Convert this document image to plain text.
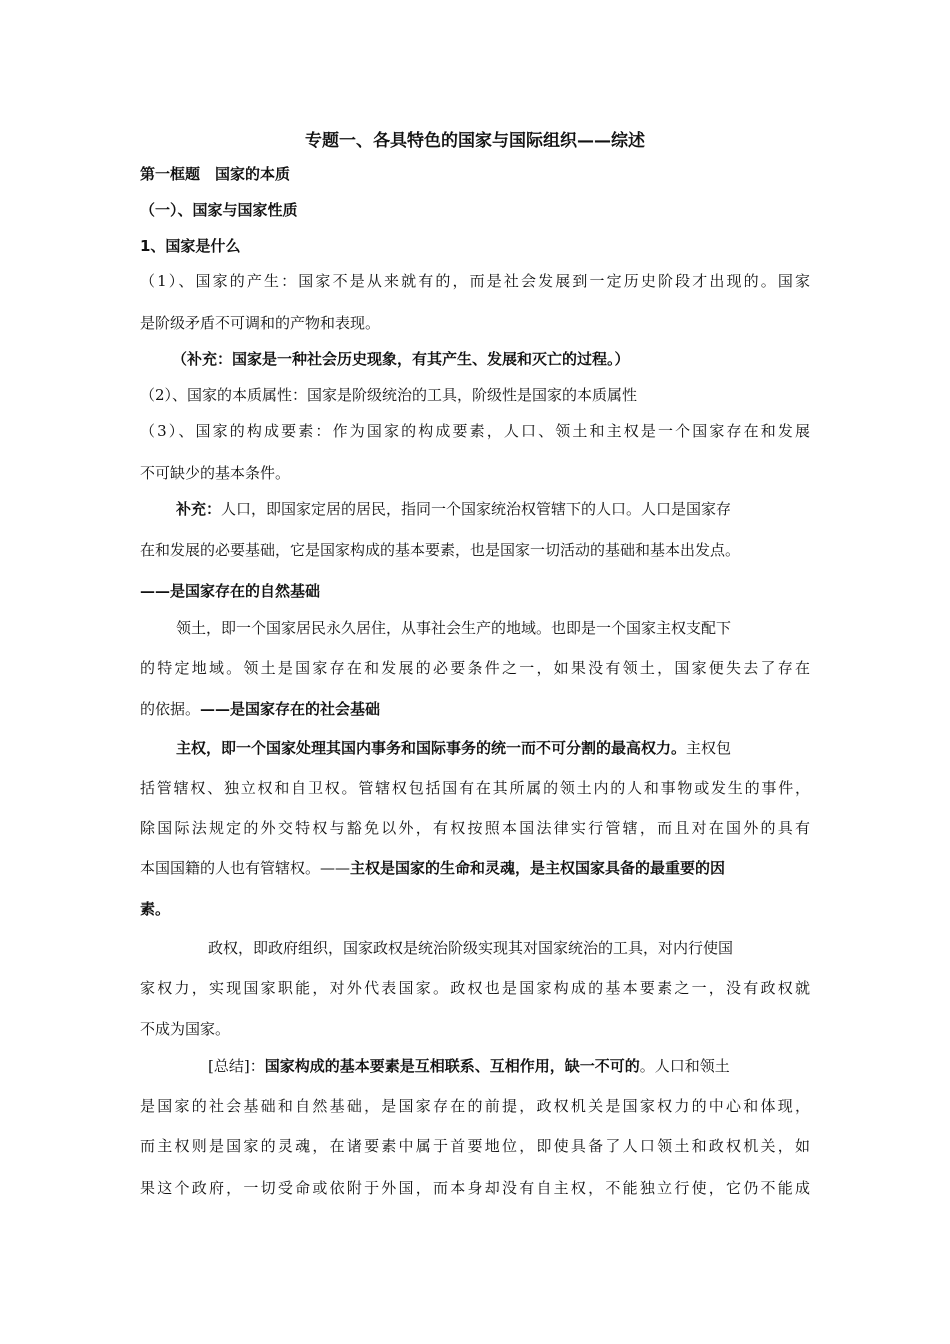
专题一、各具特色的国家与国际组织——综述
第一框题　国家的本质
（一）、国家与国家性质
1、国家是什么
（1）、国家的产生：国家不是从来就有的，而是社会发展到一定历史阶段才出现的。国家
是阶级矛盾不可调和的产物和表现。
（补充：国家是一种社会历史现象，有其产生、发展和灭亡的过程。）
（2）、国家的本质属性：国家是阶级统治的工具，阶级性是国家的本质属性
（3）、国家的构成要素：作为国家的构成要素，人口、领土和主权是一个国家存在和发展
不可缺少的基本条件。
补充：人口，即国家定居的居民，指同一个国家统治权管辖下的人口。人口是国家存
在和发展的必要基础，它是国家构成的基本要素，也是国家一切活动的基础和基本出发点。
——是国家存在的自然基础
领土，即一个国家居民永久居住，从事社会生产的地域。也即是一个国家主权支配下
的特定地域。领土是国家存在和发展的必要条件之一，如果没有领土，国家便失去了存在
的依据。——是国家存在的社会基础
主权，即一个国家处理其国内事务和国际事务的统一而不可分割的最高权力。主权包
括管辖权、独立权和自卫权。管辖权包括国有在其所属的领土内的人和事物或发生的事件，
除国际法规定的外交特权与豁免以外，有权按照本国法律实行管辖，而且对在国外的具有
本国国籍的人也有管辖权。——主权是国家的生命和灵魂，是主权国家具备的最重要的因
素。
政权，即政府组织，国家政权是统治阶级实现其对国家统治的工具，对内行使国
家权力，实现国家职能，对外代表国家。政权也是国家构成的基本要素之一，没有政权就
不成为国家。
[总结]：国家构成的基本要素是互相联系、互相作用，缺一不可的。人口和领土
是国家的社会基础和自然基础，是国家存在的前提，政权机关是国家权力的中心和体现，
而主权则是国家的灵魂，在诸要素中属于首要地位，即使具备了人口领土和政权机关，如
果这个政府，一切受命或依附于外国，而本身却没有自主权，不能独立行使，它仍不能成
